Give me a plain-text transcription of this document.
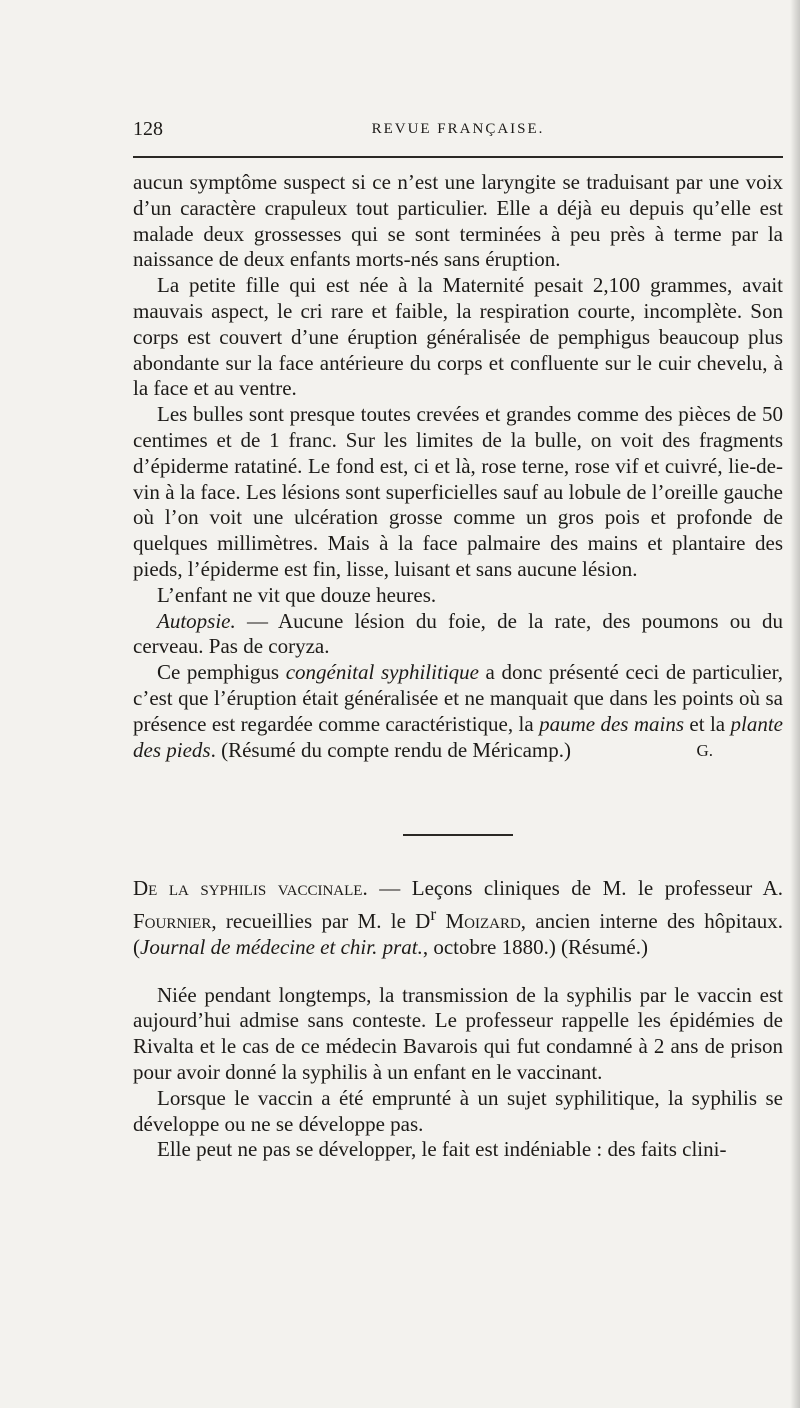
128	REVUE FRANÇAISE.

aucun symptôme suspect si ce n’est une laryngite se traduisant par une voix d’un caractère crapuleux tout particulier. Elle a déjà eu depuis qu’elle est malade deux grossesses qui se sont terminées à peu près à terme par la naissance de deux enfants morts-nés sans éruption.

La petite fille qui est née à la Maternité pesait 2,100 grammes, avait mauvais aspect, le cri rare et faible, la respiration courte, incomplète. Son corps est couvert d’une éruption généralisée de pemphigus beaucoup plus abondante sur la face antérieure du corps et confluente sur le cuir chevelu, à la face et au ventre.

Les bulles sont presque toutes crevées et grandes comme des pièces de 50 centimes et de 1 franc. Sur les limites de la bulle, on voit des fragments d’épiderme ratatiné. Le fond est, ci et là, rose terne, rose vif et cuivré, lie-de-vin à la face. Les lésions sont superficielles sauf au lobule de l’oreille gauche où l’on voit une ulcération grosse comme un gros pois et profonde de quelques millimètres. Mais à la face palmaire des mains et plantaire des pieds, l’épiderme est fin, lisse, luisant et sans aucune lésion.

L’enfant ne vit que douze heures.

Autopsie. — Aucune lésion du foie, de la rate, des poumons ou du cerveau. Pas de coryza.

Ce pemphigus congénital syphilitique a donc présenté ceci de particulier, c’est que l’éruption était généralisée et ne manquait que dans les points où sa présence est regardée comme caractéristique, la paume des mains et la plante des pieds. (Résumé du compte rendu de Méricamp.)	G.

De la syphilis vaccinale. — Leçons cliniques de M. le professeur A. Fournier, recueillies par M. le $D^r$ Moizard, ancien interne des hôpitaux. (Journal de médecine et chir. prat., octobre 1880.) (Résumé.)

Niée pendant longtemps, la transmission de la syphilis par le vaccin est aujourd’hui admise sans conteste. Le professeur rappelle les épidémies de Rivalta et le cas de ce médecin Bavarois qui fut condamné à 2 ans de prison pour avoir donné la syphilis à un enfant en le vaccinant.

Lorsque le vaccin a été emprunté à un sujet syphilitique, la syphilis se développe ou ne se développe pas.

Elle peut ne pas se développer, le fait est indéniable : des faits clini-
